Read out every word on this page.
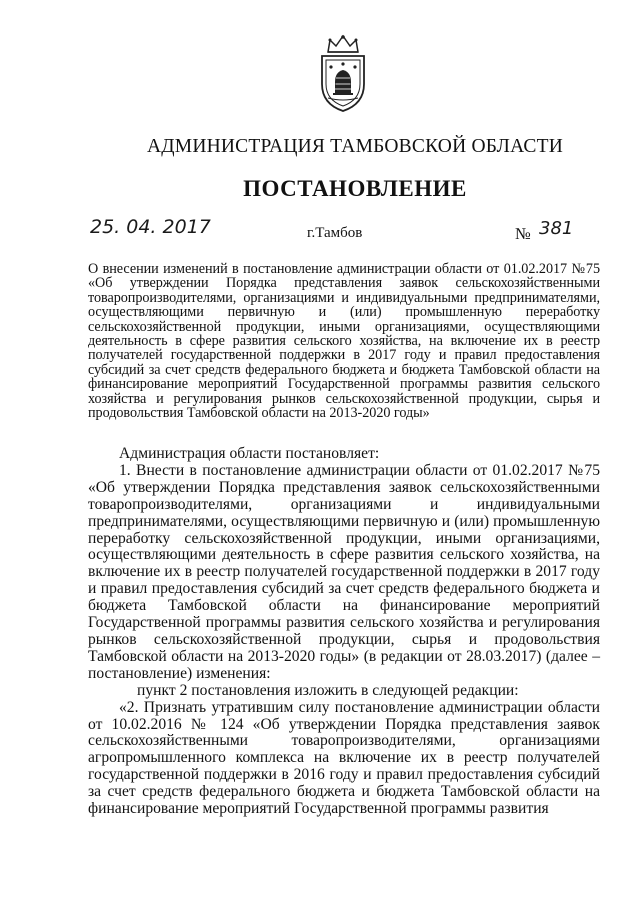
АДМИНИСТРАЦИЯ ТАМБОВСКОЙ ОБЛАСТИ
ПОСТАНОВЛЕНИЕ
25. 04. 2017	г.Тамбов	№ 381
О внесении изменений в постановление администрации области от 01.02.2017 №75 «Об утверждении Порядка представления заявок сельскохозяйственными товаропроизводителями, организациями и индивидуальными предпринимателями, осуществляющими первичную и (или) промышленную переработку сельскохозяйственной продукции, иными организациями, осуществляющими деятельность в сфере развития сельского хозяйства, на включение их в реестр получателей государственной поддержки в 2017 году и правил предоставления субсидий за счет средств федерального бюджета и бюджета Тамбовской области на финансирование мероприятий Государственной программы развития сельского хозяйства и регулирования рынков сельскохозяйственной продукции, сырья и продовольствия Тамбовской области на 2013-2020 годы»

Администрация области постановляет:

1. Внести в постановление администрации области от 01.02.2017 №75 «Об утверждении Порядка представления заявок сельскохозяйственными товаропроизводителями, организациями и индивидуальными предпринимателями, осуществляющими первичную и (или) промышленную переработку сельскохозяйственной продукции, иными организациями, осуществляющими деятельность в сфере развития сельского хозяйства, на включение их в реестр получателей государственной поддержки в 2017 году и правил предоставления субсидий за счет средств федерального бюджета и бюджета Тамбовской области на финансирование мероприятий Государственной программы развития сельского хозяйства и регулирования рынков сельскохозяйственной продукции, сырья и продовольствия Тамбовской области на 2013-2020 годы» (в редакции от 28.03.2017) (далее – постановление) изменения:

пункт 2 постановления изложить в следующей редакции:

«2. Признать утратившим силу постановление администрации области от 10.02.2016 № 124 «Об утверждении Порядка представления заявок сельскохозяйственными товаропроизводителями, организациями агропромышленного комплекса на включение их в реестр получателей государственной поддержки в 2016 году и правил предоставления субсидий за счет средств федерального бюджета и бюджета Тамбовской области на финансирование мероприятий Государственной программы развития
